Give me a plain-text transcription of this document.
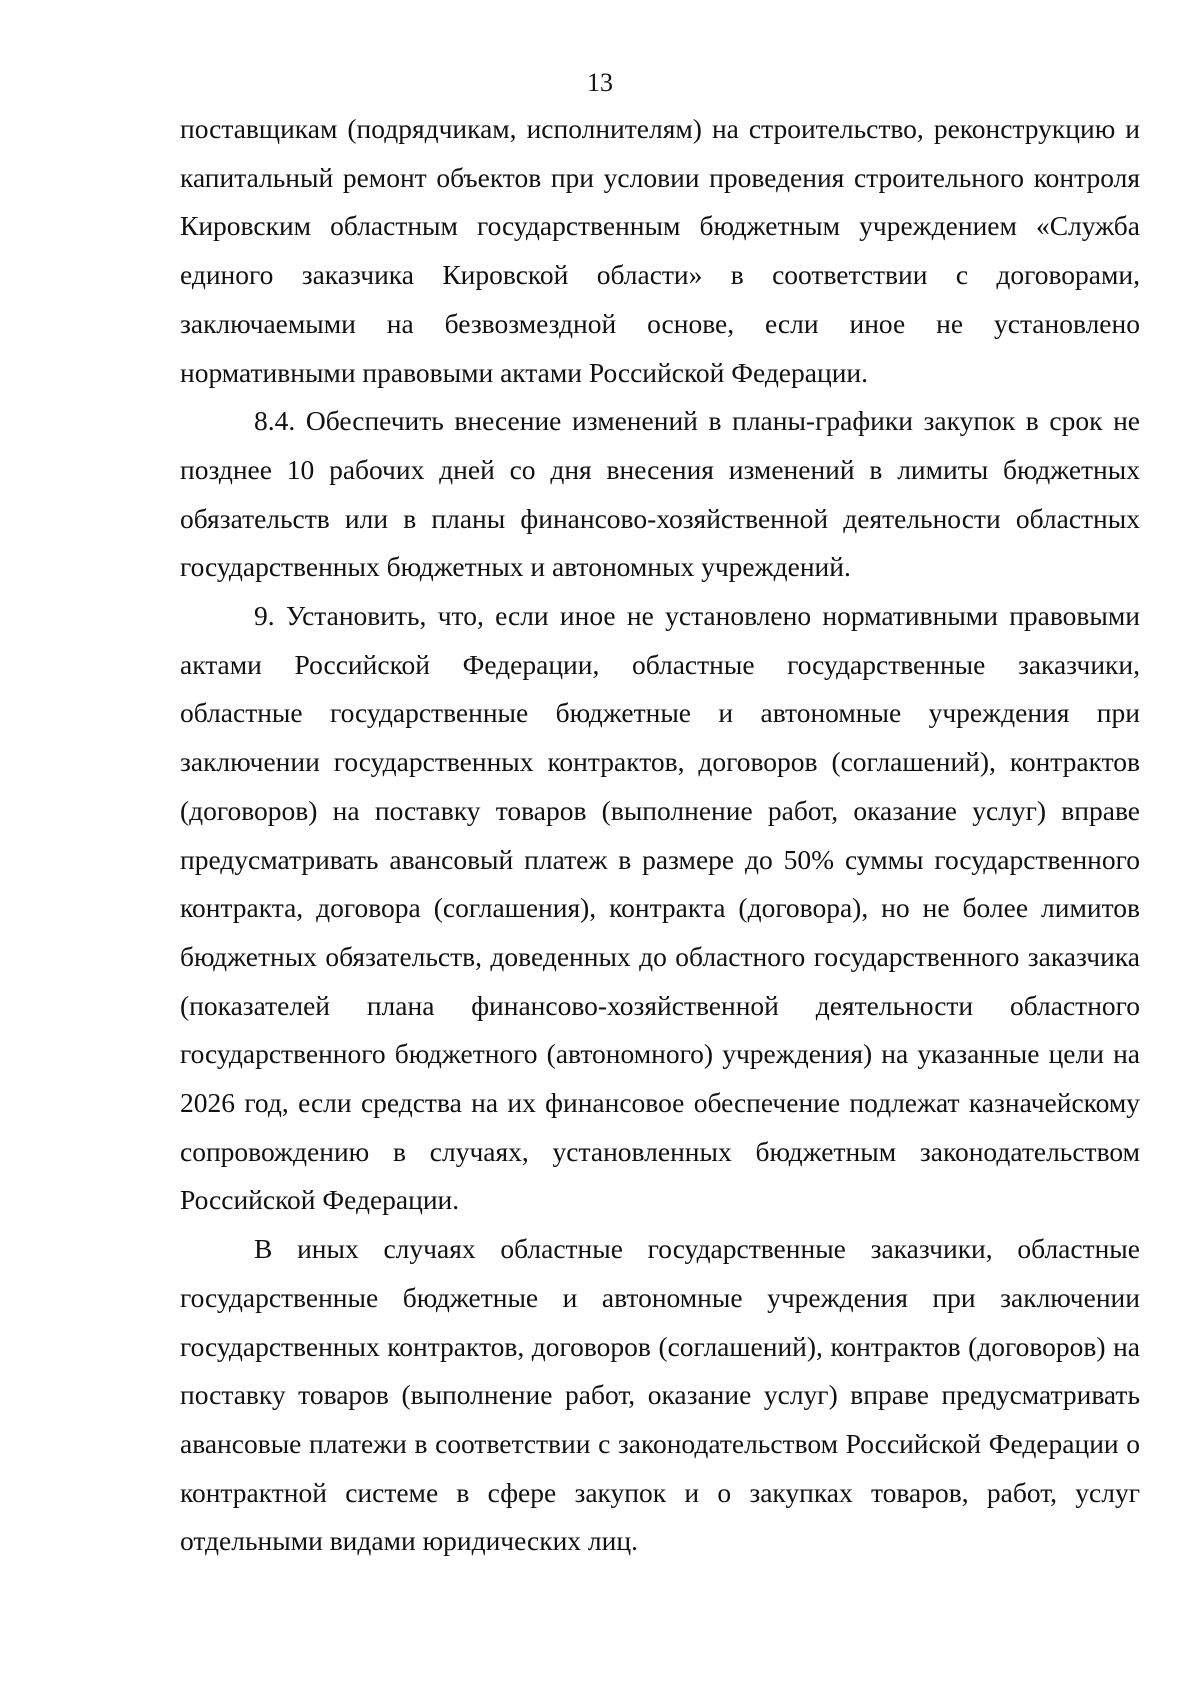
13

поставщикам (подрядчикам, исполнителям) на строительство, реконструкцию и капитальный ремонт объектов при условии проведения строительного контроля Кировским областным государственным бюджетным учреждением «Служба единого заказчика Кировской области» в соответствии с договорами, заключаемыми на безвозмездной основе, если иное не установлено нормативными правовыми актами Российской Федерации.

8.4. Обеспечить внесение изменений в планы-графики закупок в срок не позднее 10 рабочих дней со дня внесения изменений в лимиты бюджетных обязательств или в планы финансово-хозяйственной деятельности областных государственных бюджетных и автономных учреждений.

9. Установить, что, если иное не установлено нормативными правовыми актами Российской Федерации, областные государственные заказчики, областные государственные бюджетные и автономные учреждения при заключении государственных контрактов, договоров (соглашений), контрактов (договоров) на поставку товаров (выполнение работ, оказание услуг) вправе предусматривать авансовый платеж в размере до 50% суммы государственного контракта, договора (соглашения), контракта (договора), но не более лимитов бюджетных обязательств, доведенных до областного государственного заказчика (показателей плана финансово-хозяйственной деятельности областного государственного бюджетного (автономного) учреждения) на указанные цели на 2026 год, если средства на их финансовое обеспечение подлежат казначейскому сопровождению в случаях, установленных бюджетным законодательством Российской Федерации.

В иных случаях областные государственные заказчики, областные государственные бюджетные и автономные учреждения при заключении государственных контрактов, договоров (соглашений), контрактов (договоров) на поставку товаров (выполнение работ, оказание услуг) вправе предусматривать авансовые платежи в соответствии с законодательством Российской Федерации о контрактной системе в сфере закупок и о закупках товаров, работ, услуг отдельными видами юридических лиц.
